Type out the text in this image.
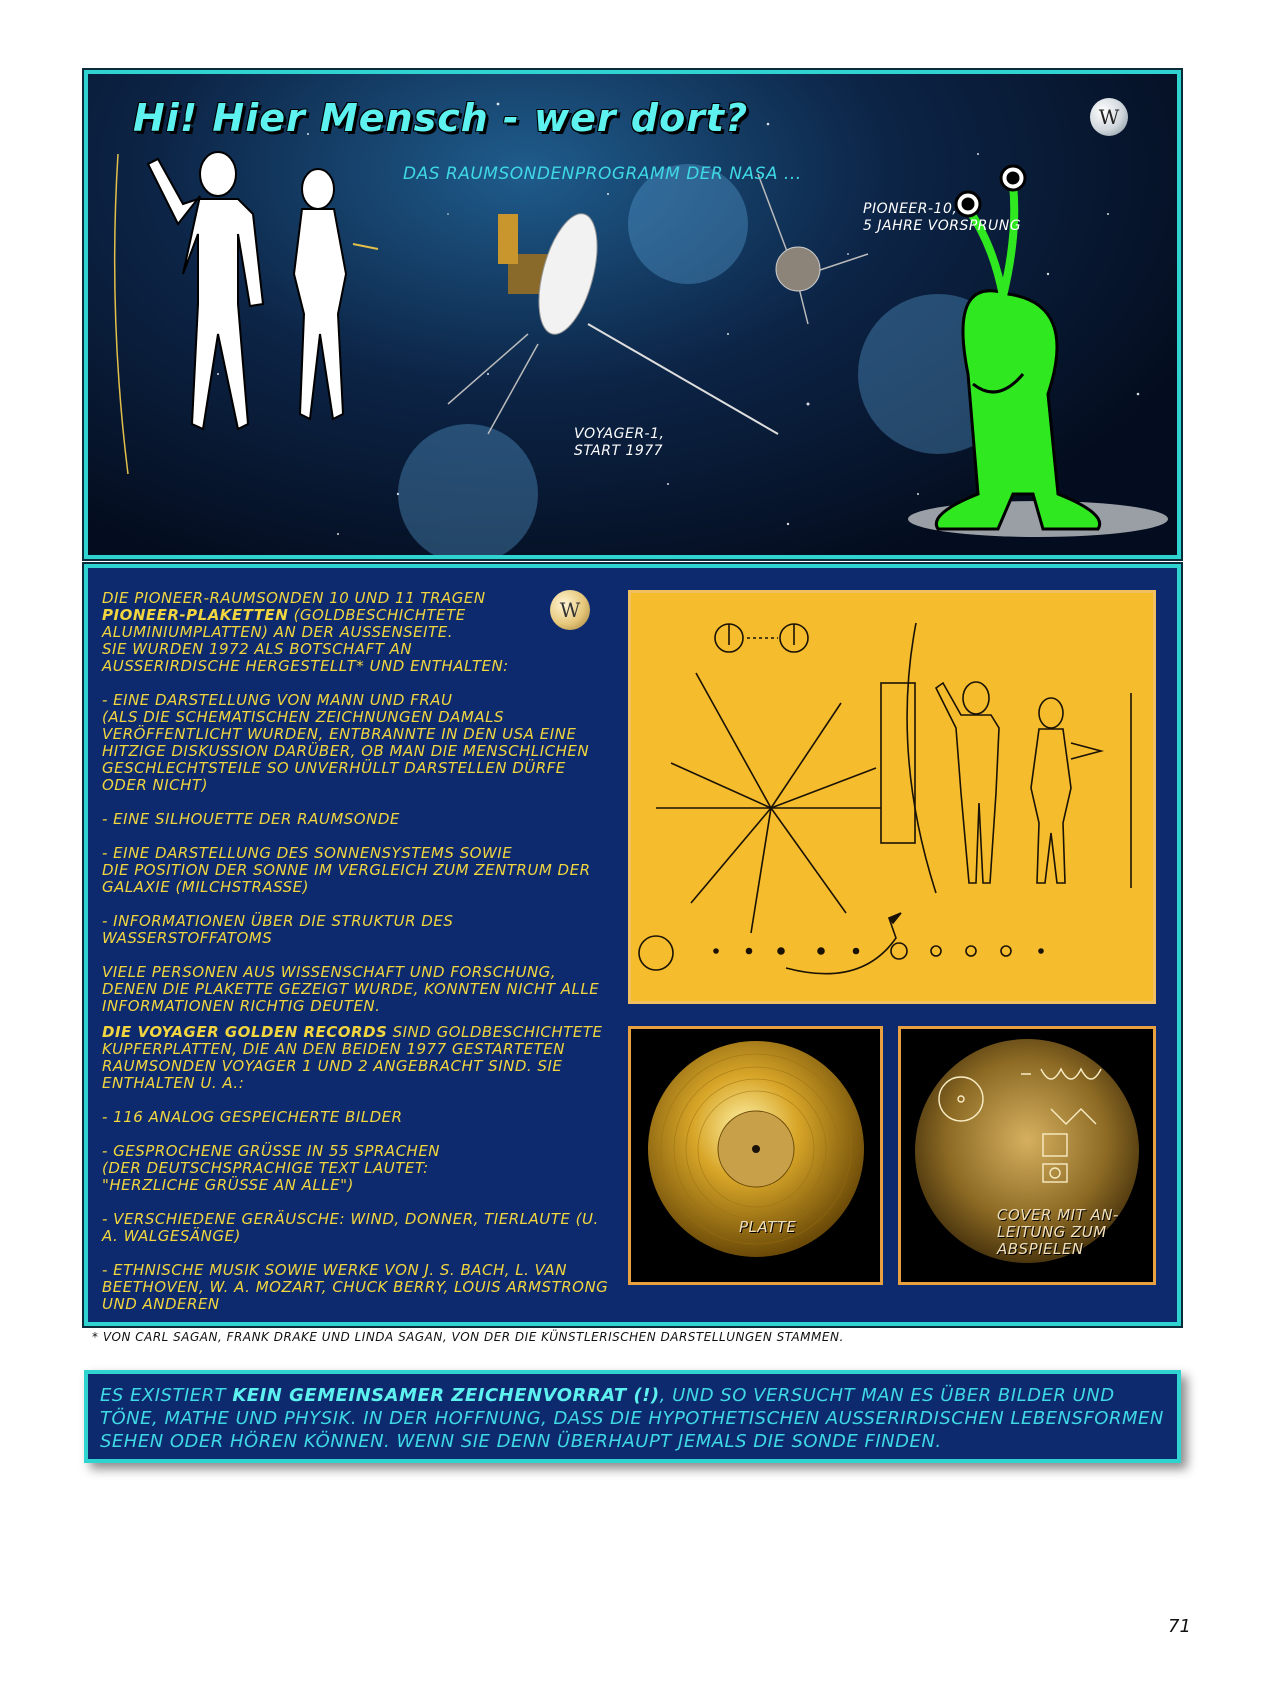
Hi! Hier Mensch - wer dort?
DAS RAUMSONDENPROGRAMM DER NASA ...
PIONEER-10,
5 JAHRE VORSPRUNG
VOYAGER-1,
START 1977
W

DIE PIONEER-RAUMSONDEN 10 UND 11 TRAGEN PIONEER-PLAKETTEN (GOLDBESCHICHTETE ALUMINIUMPLATTEN) AN DER AUSSENSEITE.
SIE WURDEN 1972 ALS BOTSCHAFT AN AUSSERIRDISCHE HERGESTELLT* UND ENTHALTEN:

- EINE DARSTELLUNG VON MANN UND FRAU
(ALS DIE SCHEMATISCHEN ZEICHNUNGEN DAMALS VERÖFFENTLICHT WURDEN, ENTBRANNTE IN DEN USA EINE HITZIGE DISKUSSION DARÜBER, OB MAN DIE MENSCHLICHEN GESCHLECHTSTEILE SO UNVERHÜLLT DARSTELLEN DÜRFE ODER NICHT)

- EINE SILHOUETTE DER RAUMSONDE

- EINE DARSTELLUNG DES SONNENSYSTEMS SOWIE
DIE POSITION DER SONNE IM VERGLEICH ZUM ZENTRUM DER GALAXIE (MILCHSTRASSE)

- INFORMATIONEN ÜBER DIE STRUKTUR DES WASSERSTOFFATOMS

VIELE PERSONEN AUS WISSENSCHAFT UND FORSCHUNG, DENEN DIE PLAKETTE GEZEIGT WURDE, KONNTEN NICHT ALLE INFORMATIONEN RICHTIG DEUTEN.

W

DIE VOYAGER GOLDEN RECORDS SIND GOLDBESCHICHTETE KUPFERPLATTEN, DIE AN DEN BEIDEN 1977 GESTARTETEN RAUMSONDEN VOYAGER 1 UND 2 ANGEBRACHT SIND. SIE ENTHALTEN U. A.:

- 116 ANALOG GESPEICHERTE BILDER

- GESPROCHENE GRÜSSE IN 55 SPRACHEN
(DER DEUTSCHSPRACHIGE TEXT LAUTET:
"HERZLICHE GRÜSSE AN ALLE")

- VERSCHIEDENE GERÄUSCHE: WIND, DONNER, TIERLAUTE (U. A. WALGESÄNGE)

- ETHNISCHE MUSIK SOWIE WERKE VON J. S. BACH, L. VAN BEETHOVEN, W. A. MOZART, CHUCK BERRY, LOUIS ARMSTRONG UND ANDEREN

PLATTE
COVER MIT AN-
LEITUNG ZUM
ABSPIELEN
* VON CARL SAGAN, FRANK DRAKE UND LINDA SAGAN, VON DER DIE KÜNSTLERISCHEN DARSTELLUNGEN STAMMEN.
ES EXISTIERT KEIN GEMEINSAMER ZEICHENVORRAT (!), UND SO VERSUCHT MAN ES ÜBER BILDER UND TÖNE, MATHE UND PHYSIK. IN DER HOFFNUNG, DASS DIE HYPOTHETISCHEN AUSSERIRDISCHEN LEBENSFORMEN SEHEN ODER HÖREN KÖNNEN. WENN SIE DENN ÜBERHAUPT JEMALS DIE SONDE FINDEN.
71
